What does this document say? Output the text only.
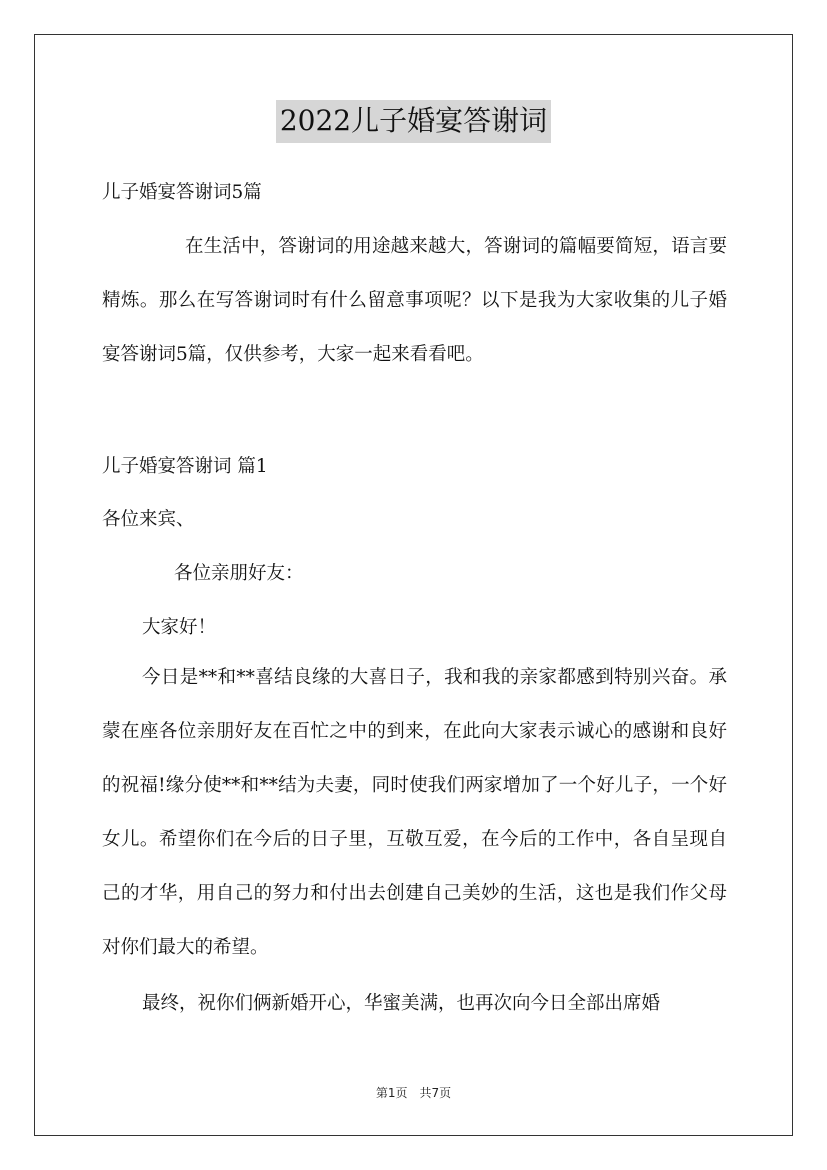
2022儿子婚宴答谢词
儿子婚宴答谢词5篇
在生活中，答谢词的用途越来越大，答谢词的篇幅要简短，语言要精炼。那么在写答谢词时有什么留意事项呢？以下是我为大家收集的儿子婚宴答谢词5篇，仅供参考，大家一起来看看吧。
儿子婚宴答谢词 篇1
各位来宾、
各位亲朋好友：
大家好！
今日是**和**喜结良缘的大喜日子，我和我的亲家都感到特别兴奋。承蒙在座各位亲朋好友在百忙之中的到来，在此向大家表示诚心的感谢和良好的祝福!缘分使**和**结为夫妻，同时使我们两家增加了一个好儿子，一个好女儿。希望你们在今后的日子里，互敬互爱，在今后的工作中，各自呈现自己的才华，用自己的努力和付出去创建自己美妙的生活，这也是我们作父母对你们最大的希望。
最终，祝你们俩新婚开心，华蜜美满，也再次向今日全部出席婚
第1页　共7页
